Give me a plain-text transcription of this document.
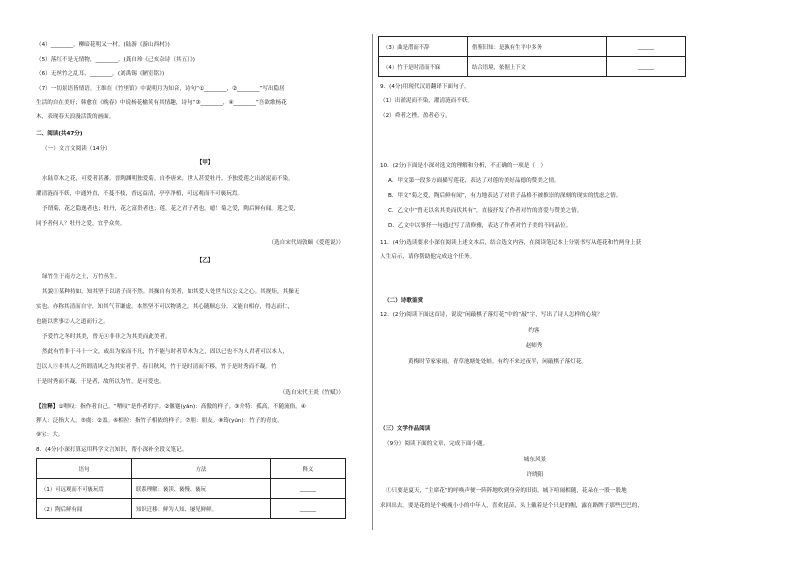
（4）________，柳暗花明又一村。(陆游《游山西村》)
（5）落红不是无情物，________。(龚自珍《己亥杂诗（其五）》)
（6）无丝竹之乱耳，________。(刘禹锡《陋室铭》)
（7）一切景语皆情语。王维在《竹里馆》中说明月为知音，诗句“①________，②________”写出隐居
生活的自在美好；韩愈在《晚春》中说杨花榆荚有其情趣，诗句“③________，④________”吾欲歌杨花
木，表现春天浪漫活泼的画面。
二、阅读(共47分)
（一）文言文阅读（14分）
【甲】
水陆草木之花，可爱者甚蕃。晋陶渊明独爱菊。自李唐来，世人甚爱牡丹。予独爱莲之出淤泥而不染，
濯清涟而不妖，中通外直，不蔓不枝，香远益清，亭亭净植，可远观而不可亵玩焉。
予谓菊，花之隐逸者也；牡丹，花之富贵者也；莲，花之君子者也。噫！菊之爱，陶后鲜有闻。莲之爱，
同予者何人？牡丹之爱，宜乎众矣。
（选自宋代周敦颐《爱莲说》）
【乙】
绿竹生于南方之土，万竹丛生。
其貌①某种持如，知其坚于以诸子而不然。其操自有美者，如其爱人处世当以公义之心。其规矩，其操无
实也。亦称其清而自守，知其气节谦虚。本然坚不可以物诱之，其心随顺忘分。又能自相存，得志而仁，
也能以世事②人之道而行之。
予爱竹之冬时其美，曾无④非非之为其美而此美者。
然此有竹非于斗十一文，或出为家而不凡，竹不能与时者草木为之，固以已也不为人君者可以本人，
岂以人⑤非其人之所谓清风之为其实者乎。春日秋风，竹于是时清而不移，竹于是时秀而不凝。竹
于是时秀而不凝。于是者，故所以为竹，是可爱也。
（选自宋代王炎《竹赋》）
【注释】①喟叹：指作者自己。“喟叹”是作者的字。②偃蹇(yǎn)：高傲的样子。③介特：孤高，不随流俗。④
狎人：泛指大人。⑤虞：②盖。⑥相拉：指竹子相依的样子。⑦朋：朋友。⑧筠(yún)：竹子的青皮。
⑨宝：大。
8．(4分)小深打算运用科学文言知识，帮小深补全段义笔记。
语句	方法	释义
（1）可远观而不可亵玩焉	联系理解：亵渎、亵慢、亵玩	______
（2）陶后鲜有闻	知识迁移：鲜为人知、屡见鲜鲜。	______
（3）曲是潜而不辞	借鉴旧知：是孰有生平中多务	______
（4）竹于是时清而不寐	结合语境，依据上下文	______
9．(4分)用现代汉语翻译下面句子。
（1）出淤泥而不染，濯清涟而不妖。
（2）舜者之挫，盈者必亏。
10．(2分)下面是小深对选文的理解和分析，不正确的一项是（　）
A．甲文第一段多方面描写莲花，表达了对莲的美好品德的赞美之情。
B．甲文“菊之爱，陶后鲜有闻”，有力地表达了对君子品格不被推崇的深刻的现实的忧虑之情。
C．乙文中“曾无以名其美而伏其有”，直接抒发了作者对竹的喜爱与赞美之情。
D．乙文中以事抒一句通过写了清修雅，表达了作者对竹子美的不同品位。
11．(4分)选读要求小深在阅读上述文本后，结合选文内容，在阅读笔记本上分别书写从莲花和竹两身上获
人生启示，请你帮助他完成这个任务。
（二）诗歌鉴赏
12．(2分)阅读下面这首诗，说说“闲敲棋子落灯花”中的“敲”字，写出了诗人怎样的心境？
约客
赵师秀
黄梅时节家家雨，青草池塘处处蛙。有约不来过夜半，闲敲棋子落灯花。
（三）文学作品阅读
（9分）阅读下面的文章，完成下面小题。
城东风景
许晓阳
①只要是夏天，“主席花”的呼唤声便一阵阵地吹到身旁的旧街，城下喧闹相随，花朵在一股一股地
求回出去。要是花的是个瘦瘦小小的中年人，喜欢昆苗，头上戴着是个只是的帽，露在路牌子那些巴巴的，
